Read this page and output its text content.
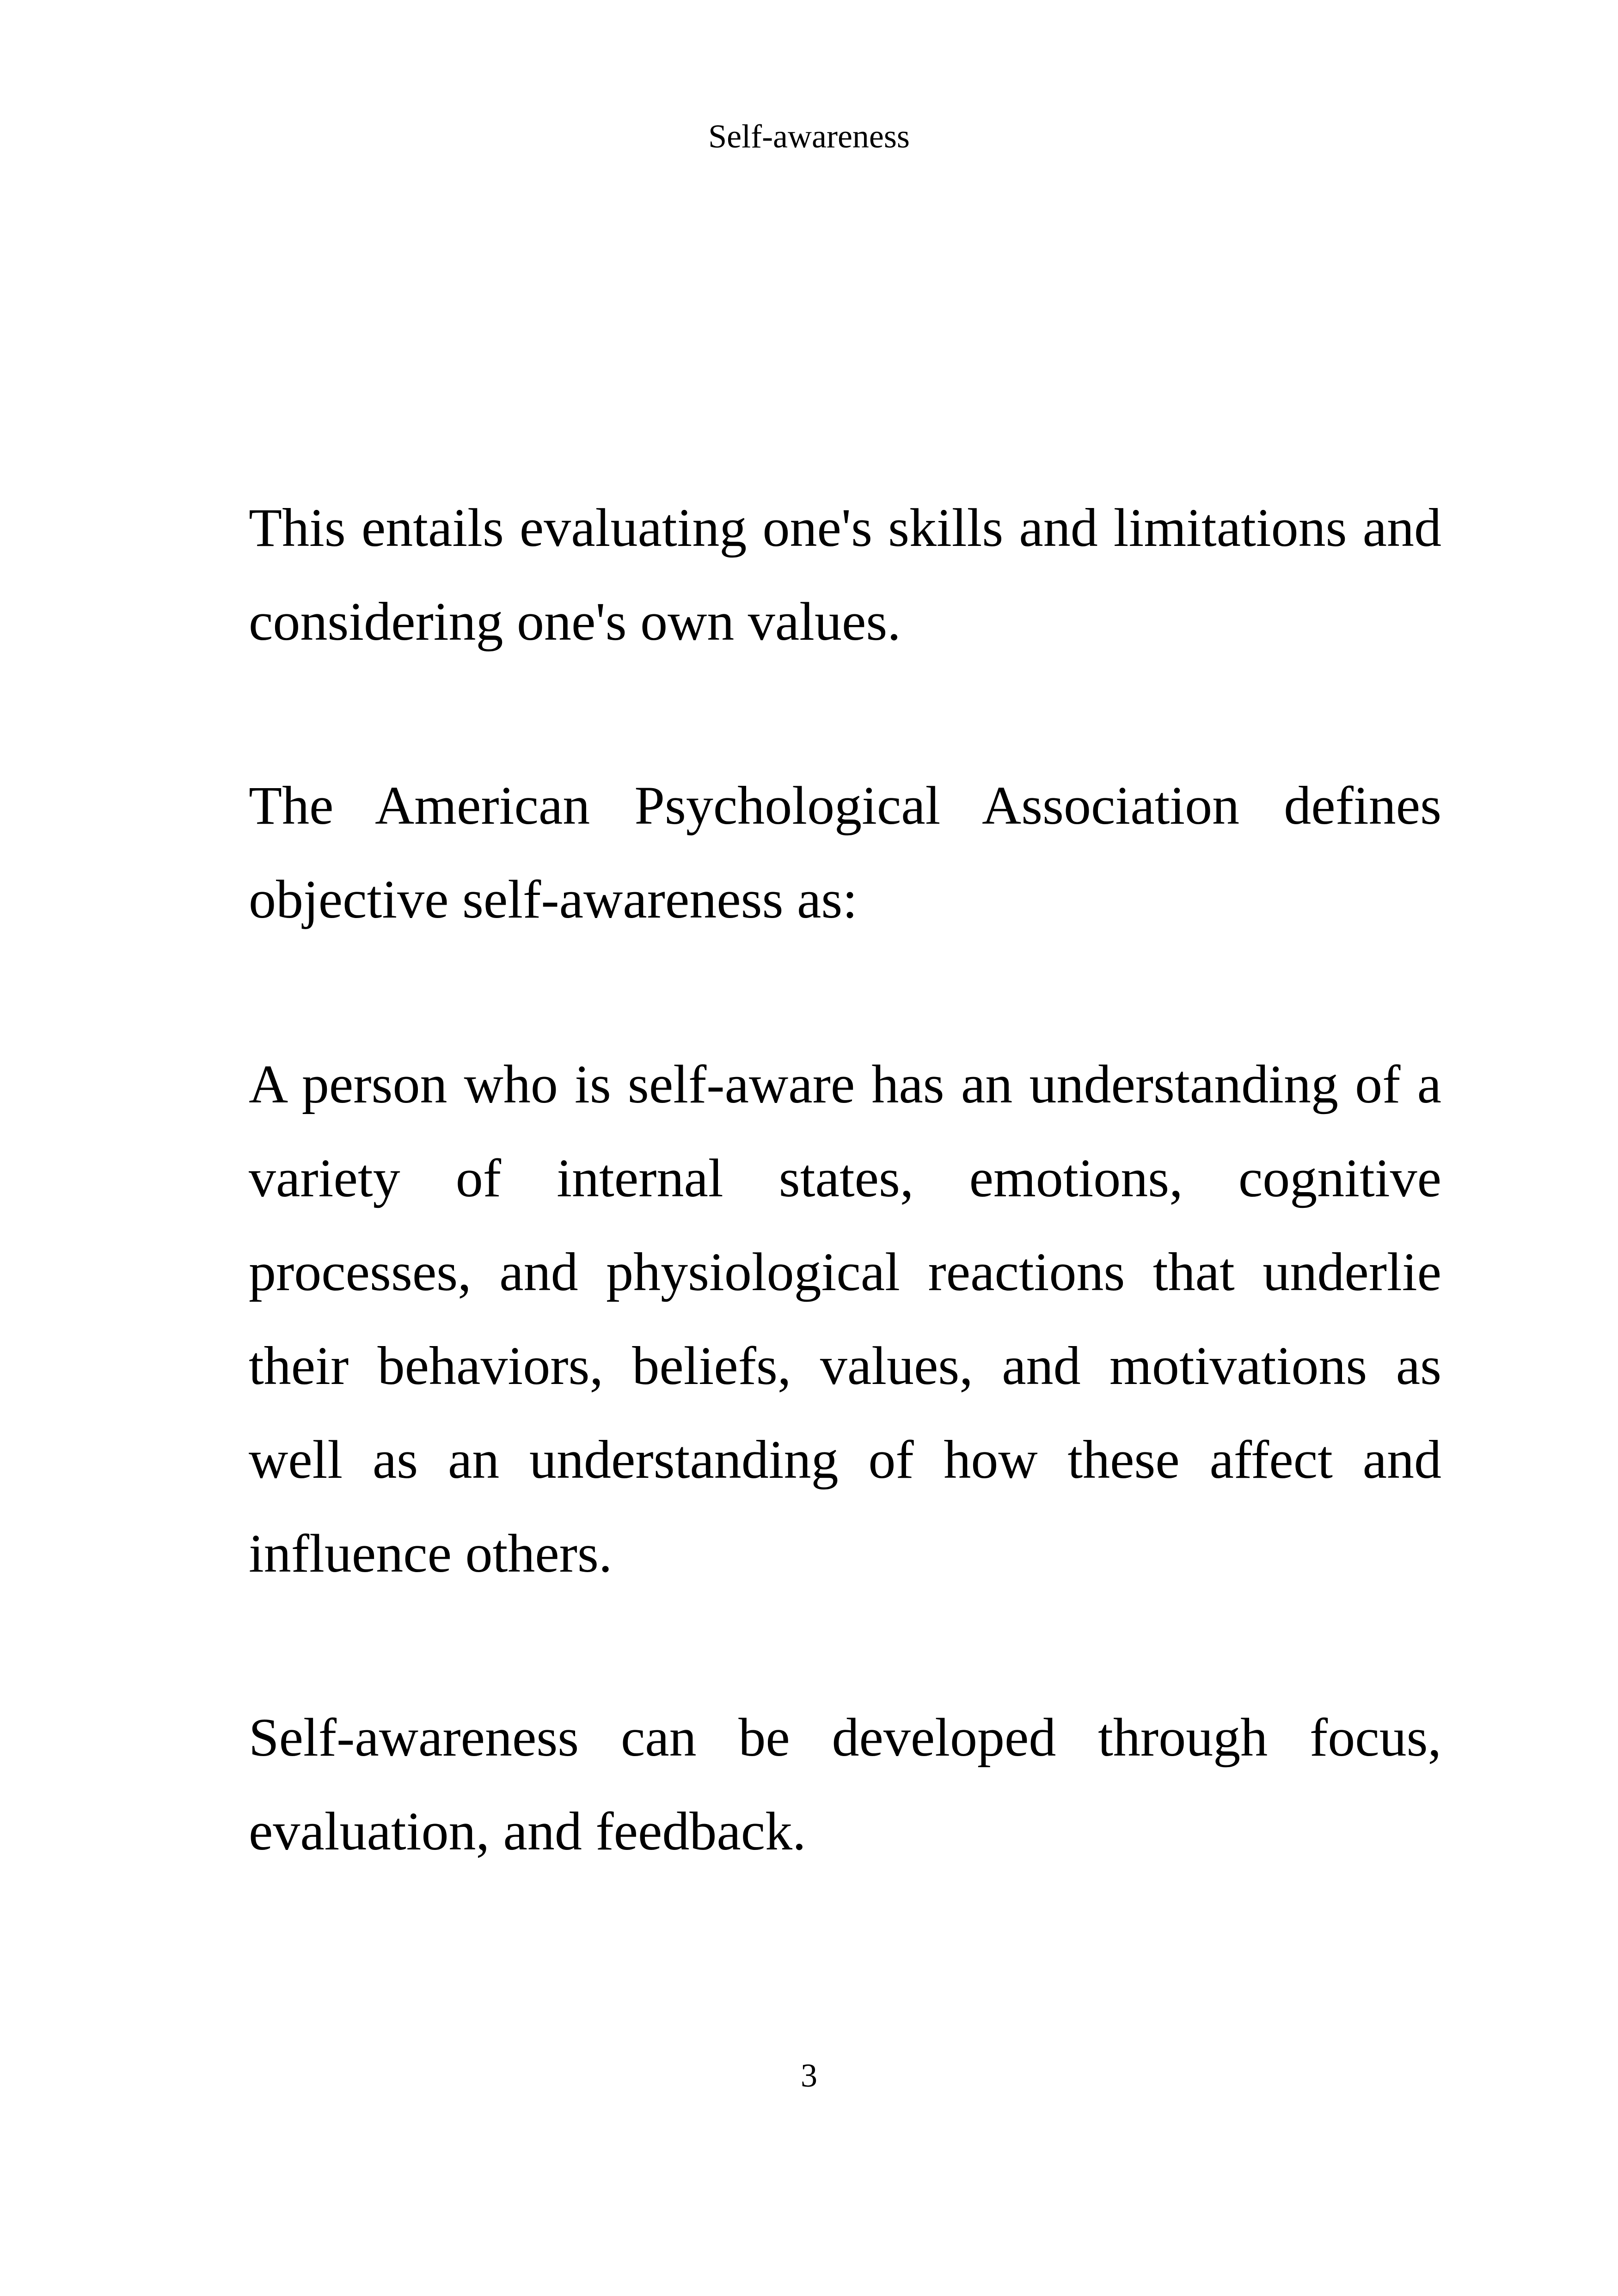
Self-awareness

This entails evaluating one's skills and limitations and considering one's own values.

The American Psychological Association defines objective self-awareness as:

A person who is self-aware has an understanding of a variety of internal states, emotions, cognitive processes, and physiological reactions that underlie their behaviors, beliefs, values, and motivations as well as an understanding of how these affect and influence others.

Self-awareness can be developed through focus, evaluation, and feedback.

3
